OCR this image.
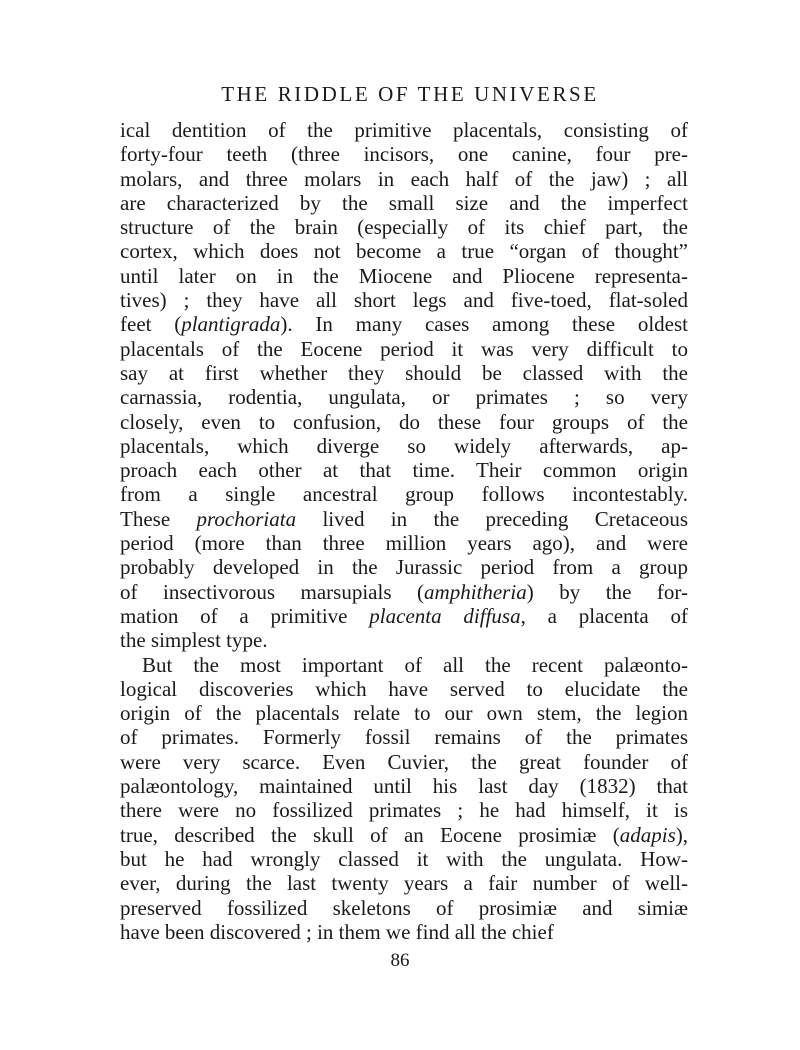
THE RIDDLE OF THE UNIVERSE
ical dentition of the primitive placentals, consisting of
forty-four teeth (three incisors, one canine, four pre-
molars, and three molars in each half of the jaw) ; all
are characterized by the small size and the imperfect
structure of the brain (especially of its chief part, the
cortex, which does not become a true “organ of thought”
until later on in the Miocene and Pliocene representa-
tives) ; they have all short legs and five-toed, flat-soled
feet (plantigrada). In many cases among these oldest
placentals of the Eocene period it was very difficult to
say at first whether they should be classed with the
carnassia, rodentia, ungulata, or primates ; so very
closely, even to confusion, do these four groups of the
placentals, which diverge so widely afterwards, ap-
proach each other at that time. Their common origin
from a single ancestral group follows incontestably.
These prochoriata lived in the preceding Cretaceous
period (more than three million years ago), and were
probably developed in the Jurassic period from a group
of insectivorous marsupials (amphitheria) by the for-
mation of a primitive placenta diffusa, a placenta of
the simplest type.
But the most important of all the recent palæonto-
logical discoveries which have served to elucidate the
origin of the placentals relate to our own stem, the legion
of primates. Formerly fossil remains of the primates
were very scarce. Even Cuvier, the great founder of
palæontology, maintained until his last day (1832) that
there were no fossilized primates ; he had himself, it is
true, described the skull of an Eocene prosimiæ (adapis),
but he had wrongly classed it with the ungulata. How-
ever, during the last twenty years a fair number of well-
preserved fossilized skeletons of prosimiæ and simiæ
have been discovered ; in them we find all the chief
86
